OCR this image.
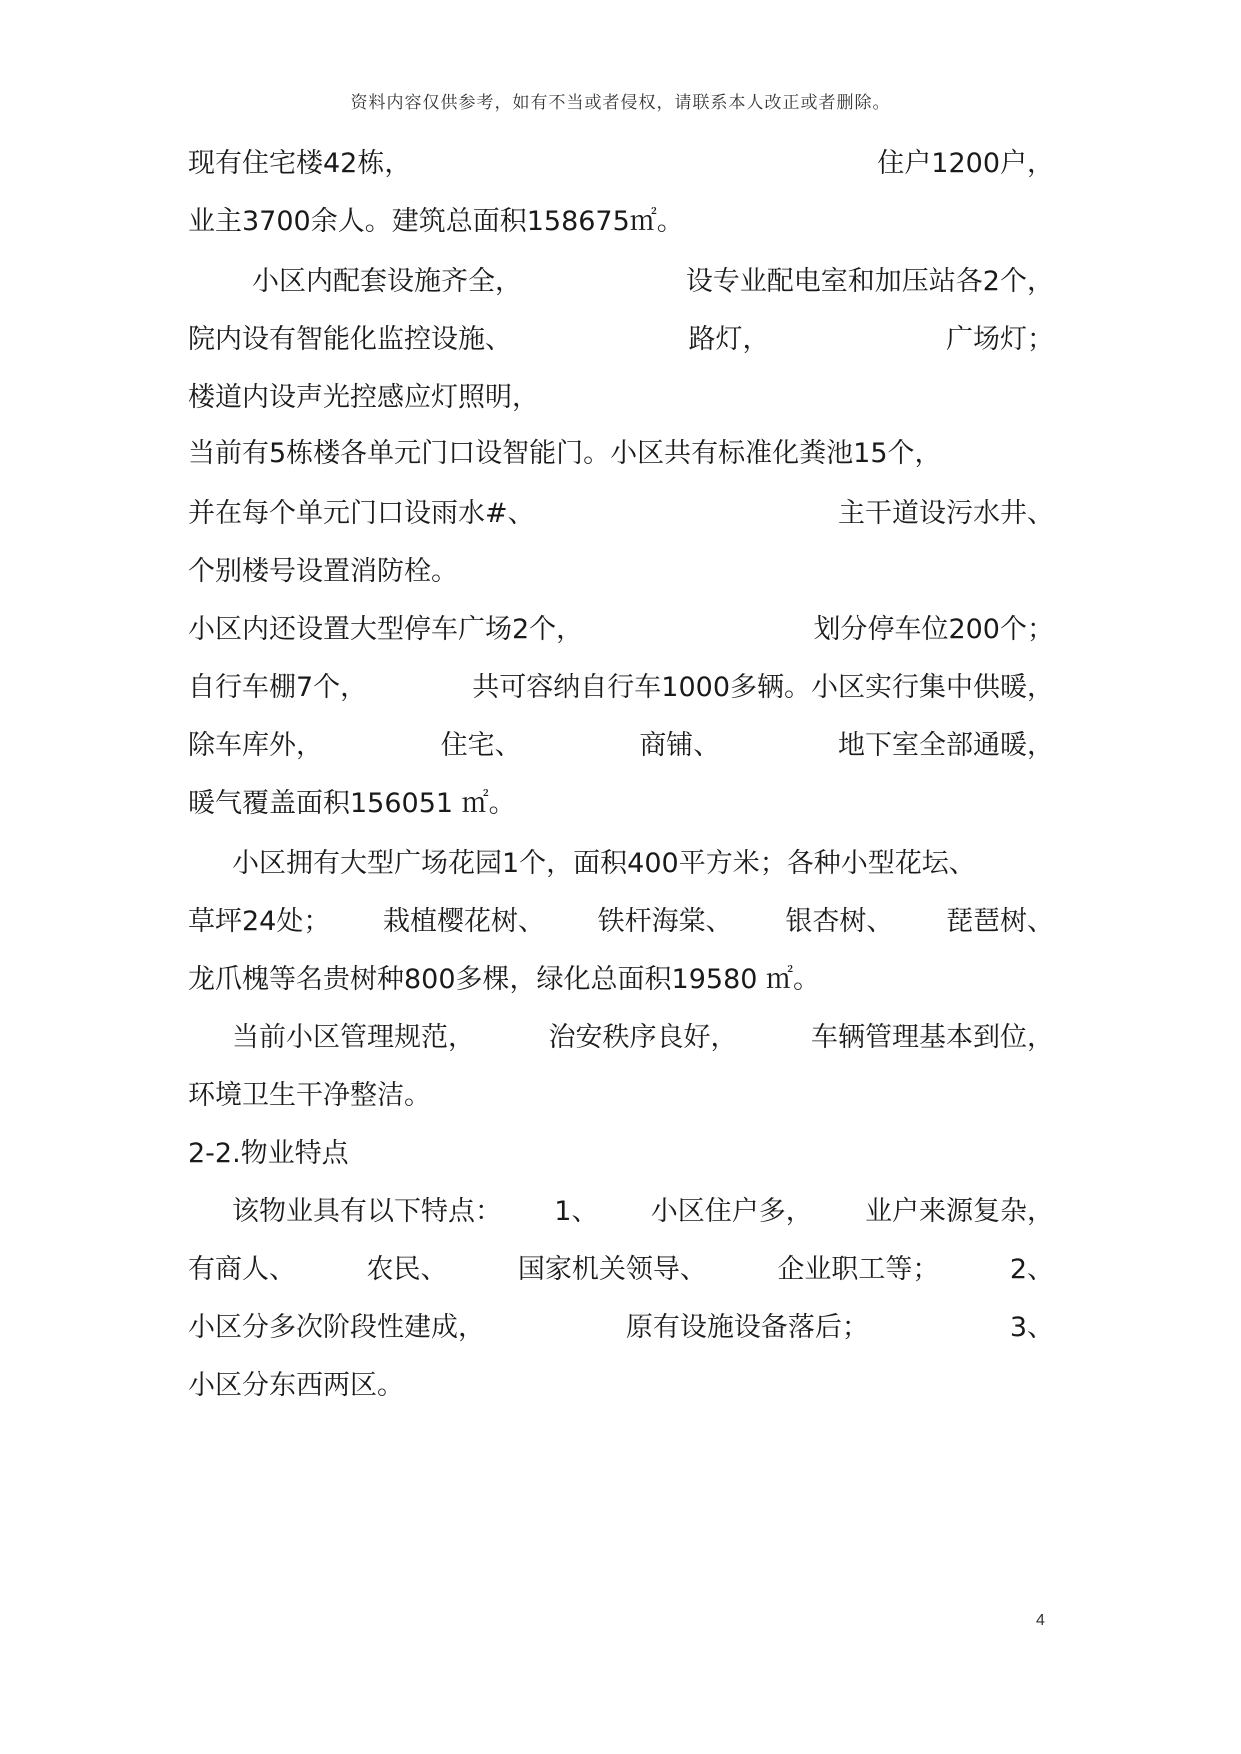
资料内容仅供参考，如有不当或者侵权，请联系本人改正或者删除。
现有住宅楼42栋，	住户1200户，
业主3700余人。建筑总面积158675㎡。
小区内配套设施齐全，	设专业配电室和加压站各2个，
院内设有智能化监控设施、	路灯，	广场灯；
楼道内设声光控感应灯照明，
当前有5栋楼各单元门口设智能门。小区共有标准化粪池15个，
并在每个单元门口设雨水#、	主干道设污水井、
个别楼号设置消防栓。
小区内还设置大型停车广场2个，	划分停车位200个；
自行车棚7个，	共可容纳自行车1000多辆。小区实行集中供暖，
除车库外，	住宅、	商铺、	地下室全部通暖，
暖气覆盖面积156051 ㎡。
小区拥有大型广场花园1个，面积400平方米；各种小型花坛、
草坪24处； 栽植樱花树、 铁杆海棠、 银杏树、 琵琶树、
龙爪槐等名贵树种800多棵，绿化总面积19580 ㎡。
当前小区管理规范，	治安秩序良好，	车辆管理基本到位，
环境卫生干净整洁。
2-2.物业特点
该物业具有以下特点： 1、 小区住户多， 业户来源复杂，
有商人、	农民、	国家机关领导、	企业职工等；	2、
小区分多次阶段性建成，	原有设施设备落后；	3、
小区分东西两区。
4
